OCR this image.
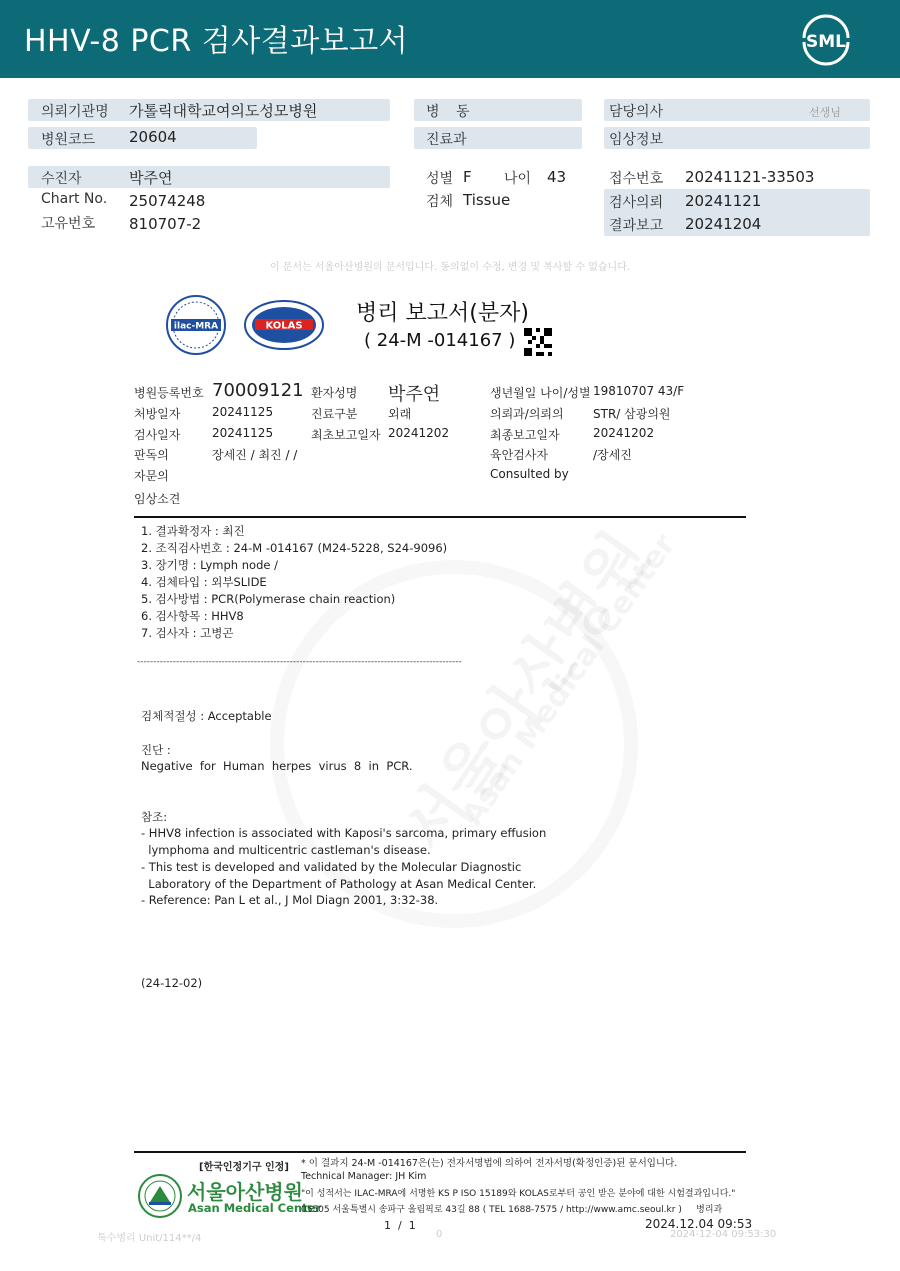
HHV-8 PCR 검사결과보고서	SML
의뢰기관명 가톨릭대학교여의도성모병원
병원코드 20604
병 동
진료과
담당의사	선생님
임상정보
수진자	박주연
Chart No. 25074248
고유번호 810707-2
성별 F 나이 43
검체 Tissue
접수번호 20241121-33503
검사의뢰 20241121
결과보고 20241204
이 문서는 서울아산병원의 문서입니다. 동의없이 수정, 변경 및 복사할 수 없습니다.
ilac-MRA	KOLAS 병리 보고서(분자)
( 24-M -014167 )
병원등록번호 70009121
처방일자	20241125
검사일자	20241125
판독의	장세진 / 최진 / /
자문의
임상소견
환자성명 박주연
진료구분	외래
최초보고일자 20241202
생년월일 나이/성별 19810707 43/F
의뢰과/의뢰의 STR/ 삼광의원
최종보고일자	20241202
육안검사자	/장세진
Consulted by
1. 결과확정자 : 최진
2. 조직검사번호 : 24-M -014167 (M24-5228, S24-9096)
3. 장기명 : Lymph node /
4. 검체타입 : 외부SLIDE
5. 검사방법 : PCR(Polymerase chain reaction)
6. 검사항목 : HHV8
7. 검사자 : 고병곤
----------------------------------------------------------------------------------------------------
검체적절성 : Acceptable
진단 :
Negative  for  Human  herpes  virus  8  in  PCR.
참조:
- HHV8 infection is associated with Kaposi's sarcoma, primary effusion
lymphoma and multicentric castleman's disease.
- This test is developed and validated by the Molecular Diagnostic
Laboratory of the Department of Pathology at Asan Medical Center.
- Reference: Pan L et al., J Mol Diagn 2001, 3:32-38.
(24-12-02)
[한국인정기구 인정]
서울아산병원
Asan Medical Center
* 이 결과지 24-M -014167은(는) 전자서명법에 의하여 전자서명(확정인증)된 문서입니다.
Technical Manager: JH Kim
"이 성적서는 ILAC-MRA에 서명한 KS P ISO 15189와 KOLAS로부터 공인 받은 분야에 대한 시험결과입니다."
05505 서울특별시 송파구 올림픽로 43길 88 ( TEL 1688-7575 / http://www.amc.seoul.kr )     병리과
1  /  1	2024.12.04 09:53
특수병리 Unit/114**/4	0	2024-12-04 09:53:30
